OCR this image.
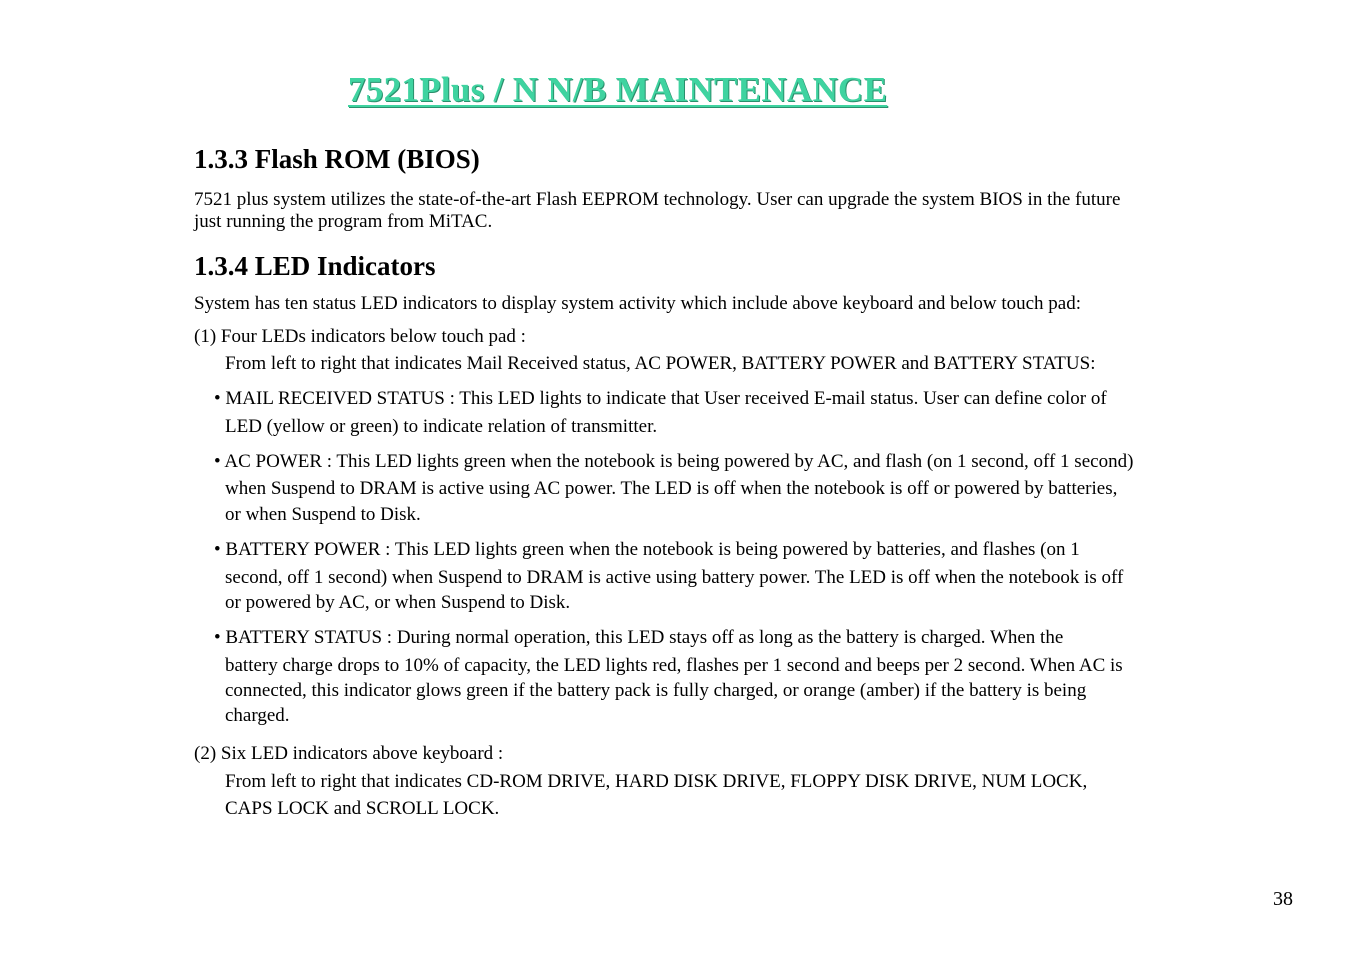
7521Plus / N N/B MAINTENANCE
1.3.3 Flash ROM (BIOS)
7521 plus system utilizes the state-of-the-art Flash EEPROM technology. User can upgrade the system BIOS in the future
just running the program from MiTAC.
1.3.4 LED Indicators
System has ten status LED indicators to display system activity which include above keyboard and below touch pad:
(1) Four LEDs indicators below touch pad :
From left to right that indicates Mail Received status, AC POWER, BATTERY POWER and BATTERY STATUS:
• MAIL RECEIVED STATUS : This LED lights to indicate that User received E-mail status. User can define color of
LED (yellow or green) to indicate relation of transmitter.
• AC POWER : This LED lights green when the notebook is being powered by AC, and flash (on 1 second, off 1 second)
when Suspend to DRAM is active using AC power. The LED is off when the notebook is off or powered by batteries,
or when Suspend to Disk.
• BATTERY POWER : This LED lights green when the notebook is being powered by batteries, and flashes (on 1
second, off 1 second) when Suspend to DRAM is active using battery power. The LED is off when the notebook is off
or powered by AC, or when Suspend to Disk.
• BATTERY STATUS : During normal operation, this LED stays off as long as the battery is charged. When the
battery charge drops to 10% of capacity, the LED lights red, flashes per 1 second and beeps per 2 second. When AC is
connected, this indicator glows green if the battery pack is fully charged, or orange (amber) if the battery is being
charged.
(2) Six LED indicators above keyboard :
From left to right that indicates CD-ROM DRIVE, HARD DISK DRIVE, FLOPPY DISK DRIVE, NUM LOCK,
CAPS LOCK and SCROLL LOCK.
38
